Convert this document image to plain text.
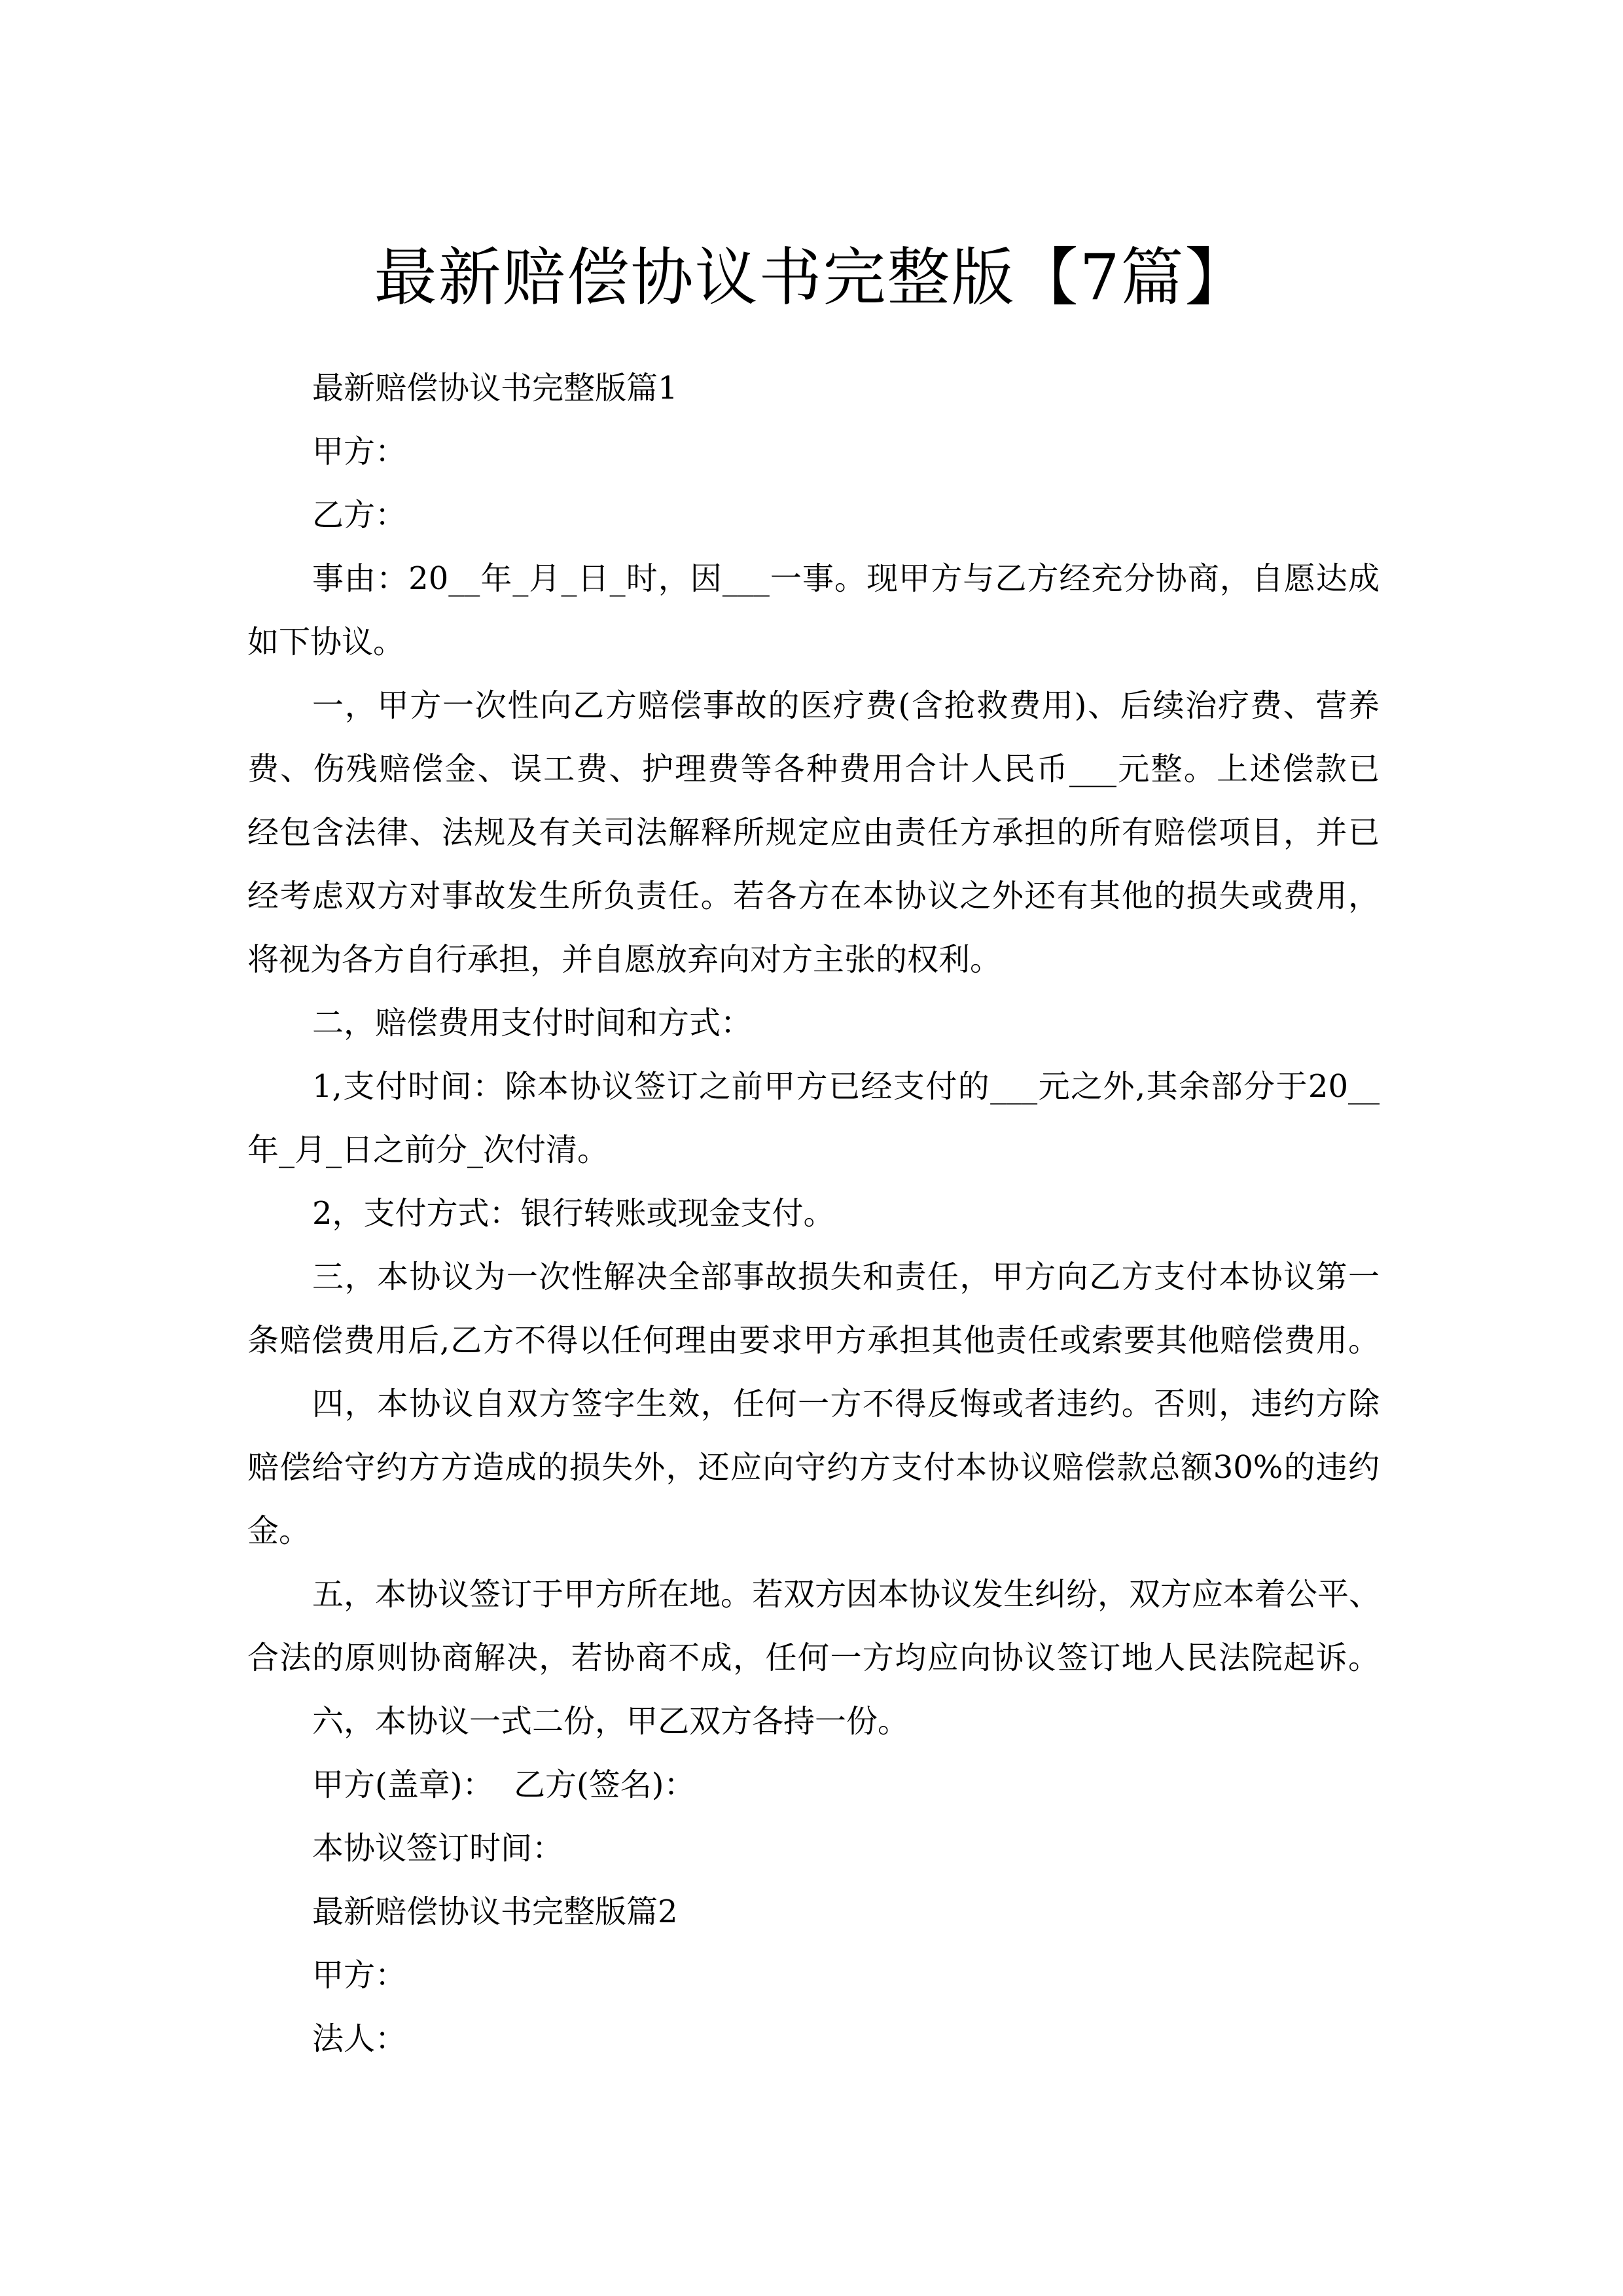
最新赔偿协议书完整版【7篇】
最新赔偿协议书完整版篇1
甲方：
乙方：
事由：20__年_月_日_时，因___一事。现甲方与乙方经充分协商，自愿达成
如下协议。
一，甲方一次性向乙方赔偿事故的医疗费(含抢救费用)、后续治疗费、营养
费、伤残赔偿金、误工费、护理费等各种费用合计人民币___元整。上述偿款已
经包含法律、法规及有关司法解释所规定应由责任方承担的所有赔偿项目，并已
经考虑双方对事故发生所负责任。若各方在本协议之外还有其他的损失或费用，
将视为各方自行承担，并自愿放弃向对方主张的权利。
二，赔偿费用支付时间和方式：
1,支付时间：除本协议签订之前甲方已经支付的___元之外,其余部分于20__
年_月_日之前分_次付清。
2，支付方式：银行转账或现金支付。
三，本协议为一次性解决全部事故损失和责任，甲方向乙方支付本协议第一
条赔偿费用后,乙方不得以任何理由要求甲方承担其他责任或索要其他赔偿费用。
四，本协议自双方签字生效，任何一方不得反悔或者违约。否则，违约方除
赔偿给守约方方造成的损失外，还应向守约方支付本协议赔偿款总额30%的违约
金。
五，本协议签订于甲方所在地。若双方因本协议发生纠纷，双方应本着公平、
合法的原则协商解决，若协商不成，任何一方均应向协议签订地人民法院起诉。
六，本协议一式二份，甲乙双方各持一份。
甲方(盖章)：  乙方(签名)：
本协议签订时间：
最新赔偿协议书完整版篇2
甲方：
法人：
